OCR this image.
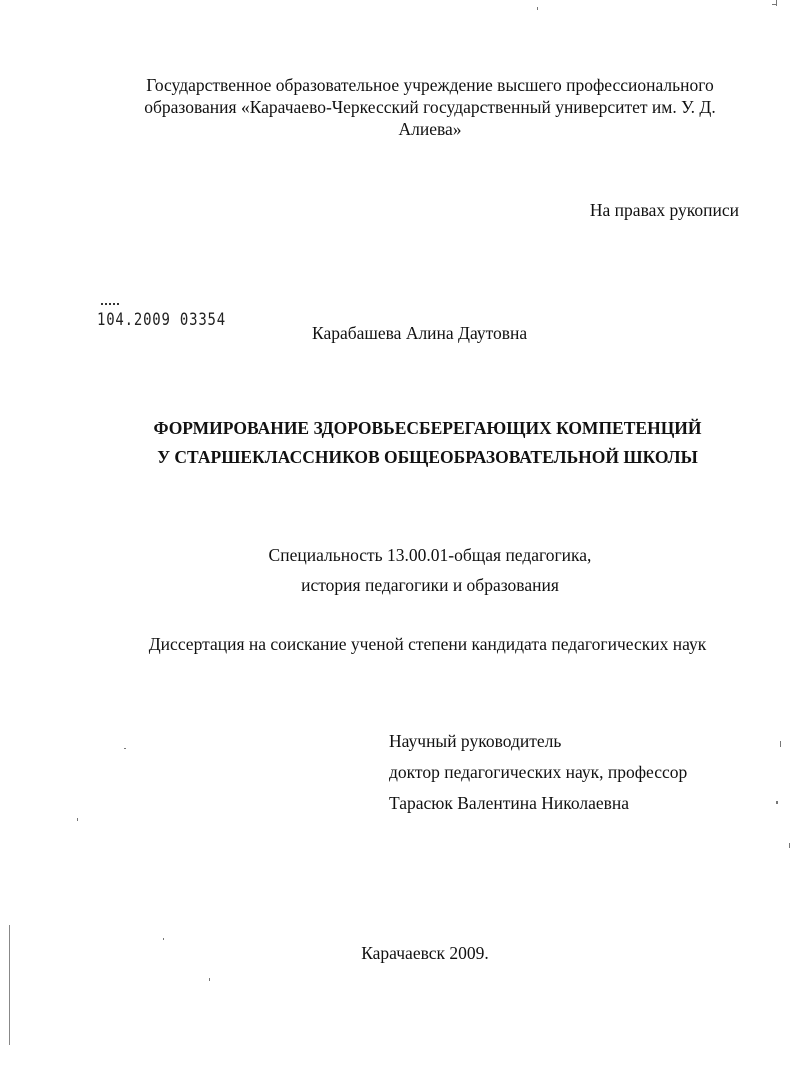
Государственное образовательное учреждение высшего профессионального
образования «Карачаево-Черкесский государственный университет им. У. Д.
Алиева»
На правах рукописи
104.2009 03354
Карабашева Алина Даутовна
ФОРМИРОВАНИЕ ЗДОРОВЬЕСБЕРЕГАЮЩИХ КОМПЕТЕНЦИЙ
У СТАРШЕКЛАССНИКОВ ОБЩЕОБРАЗОВАТЕЛЬНОЙ ШКОЛЫ
Специальность 13.00.01-общая педагогика,
история педагогики и образования
Диссертация на соискание ученой степени кандидата педагогических наук
Научный руководитель
доктор педагогических наук, профессор
Тарасюк Валентина Николаевна
Карачаевск 2009.
